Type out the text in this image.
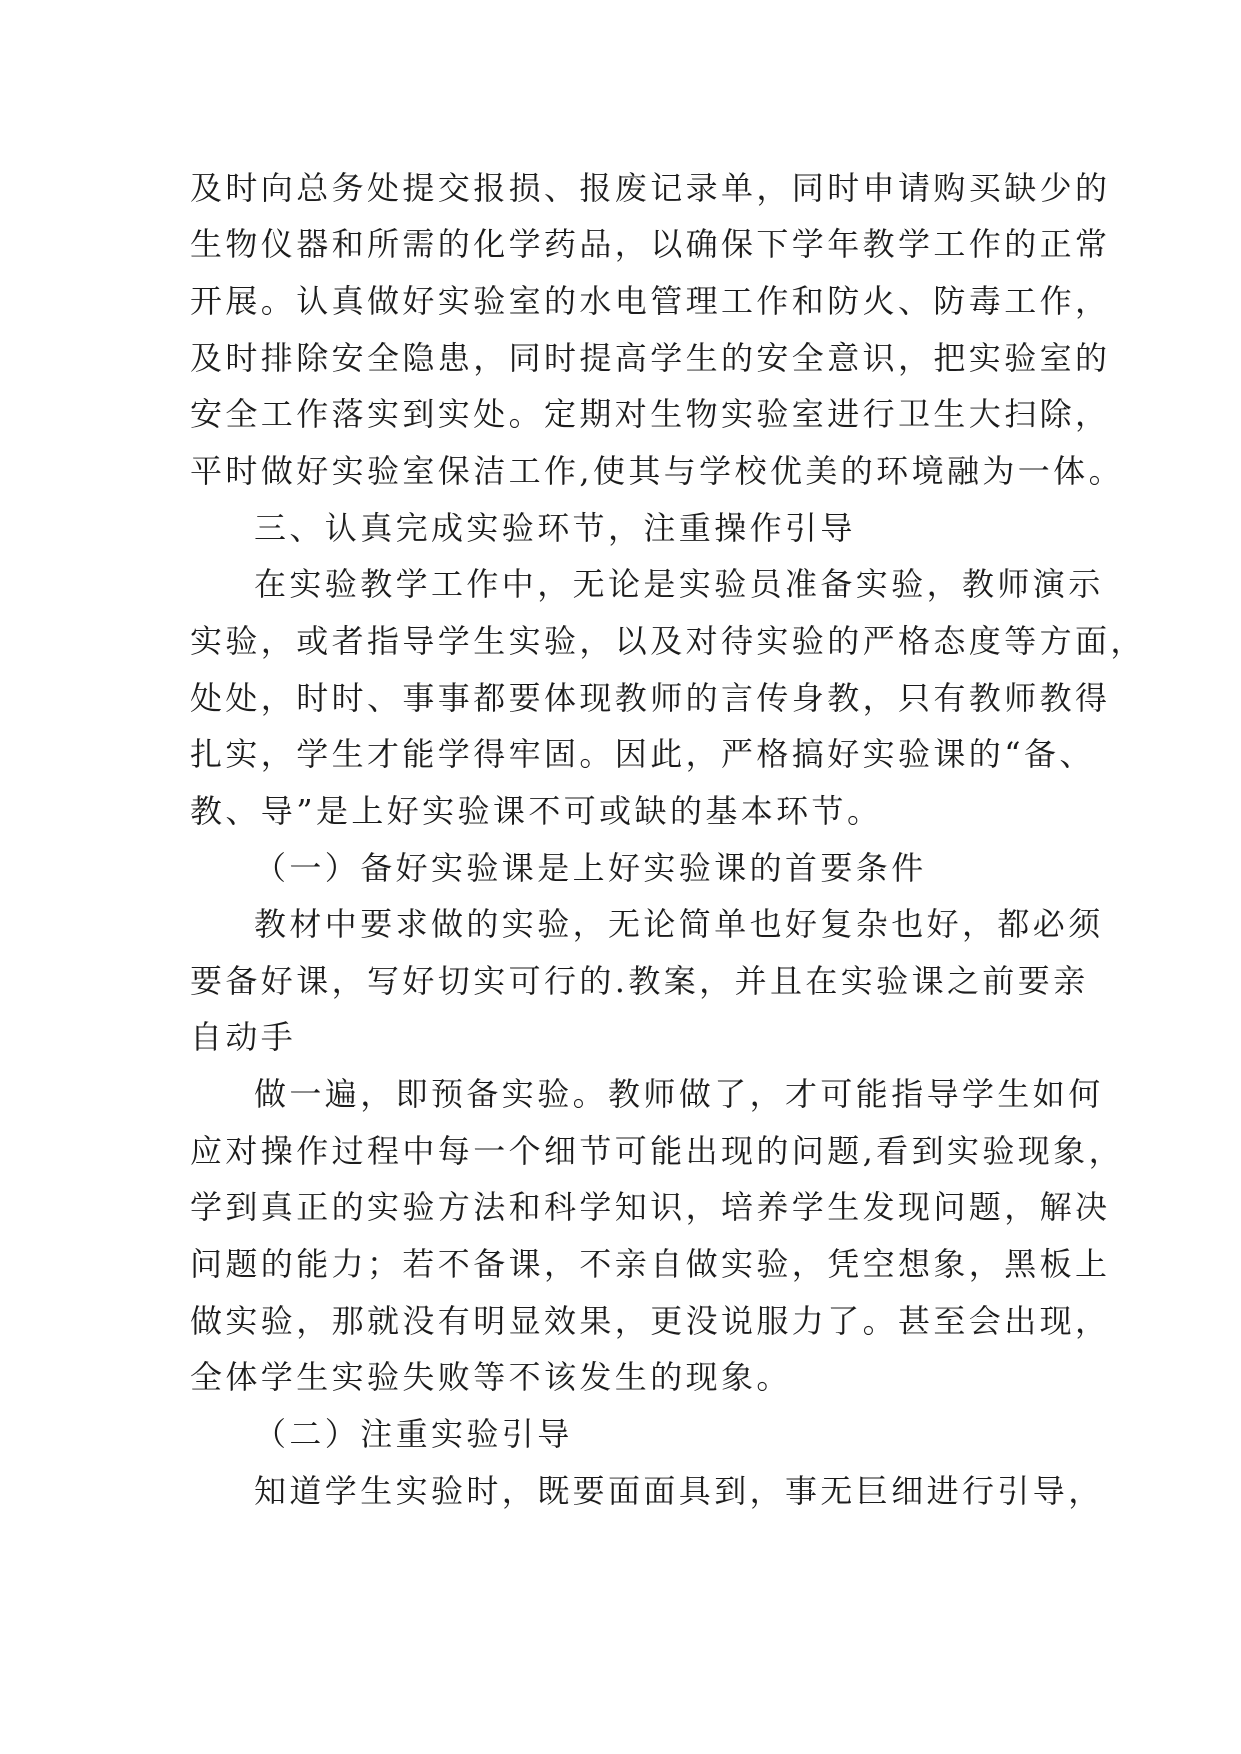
及时向总务处提交报损、报废记录单，同时申请购买缺少的
生物仪器和所需的化学药品，以确保下学年教学工作的正常
开展。认真做好实验室的水电管理工作和防火、防毒工作，
及时排除安全隐患，同时提高学生的安全意识，把实验室的
安全工作落实到实处。定期对生物实验室进行卫生大扫除，
平时做好实验室保洁工作,使其与学校优美的环境融为一体。
三、认真完成实验环节，注重操作引导
在实验教学工作中，无论是实验员准备实验，教师演示
实验，或者指导学生实验，以及对待实验的严格态度等方面，
处处，时时、事事都要体现教师的言传身教，只有教师教得
扎实，学生才能学得牢固。因此，严格搞好实验课的“备、
教、导”是上好实验课不可或缺的基本环节。
（一）备好实验课是上好实验课的首要条件
教材中要求做的实验，无论简单也好复杂也好，都必须
要备好课，写好切实可行的.教案，并且在实验课之前要亲
自动手
做一遍，即预备实验。教师做了，才可能指导学生如何
应对操作过程中每一个细节可能出现的问题,看到实验现象，
学到真正的实验方法和科学知识，培养学生发现问题，解决
问题的能力；若不备课，不亲自做实验，凭空想象，黑板上
做实验，那就没有明显效果，更没说服力了。甚至会出现，
全体学生实验失败等不该发生的现象。
（二）注重实验引导
知道学生实验时，既要面面具到，事无巨细进行引导，
